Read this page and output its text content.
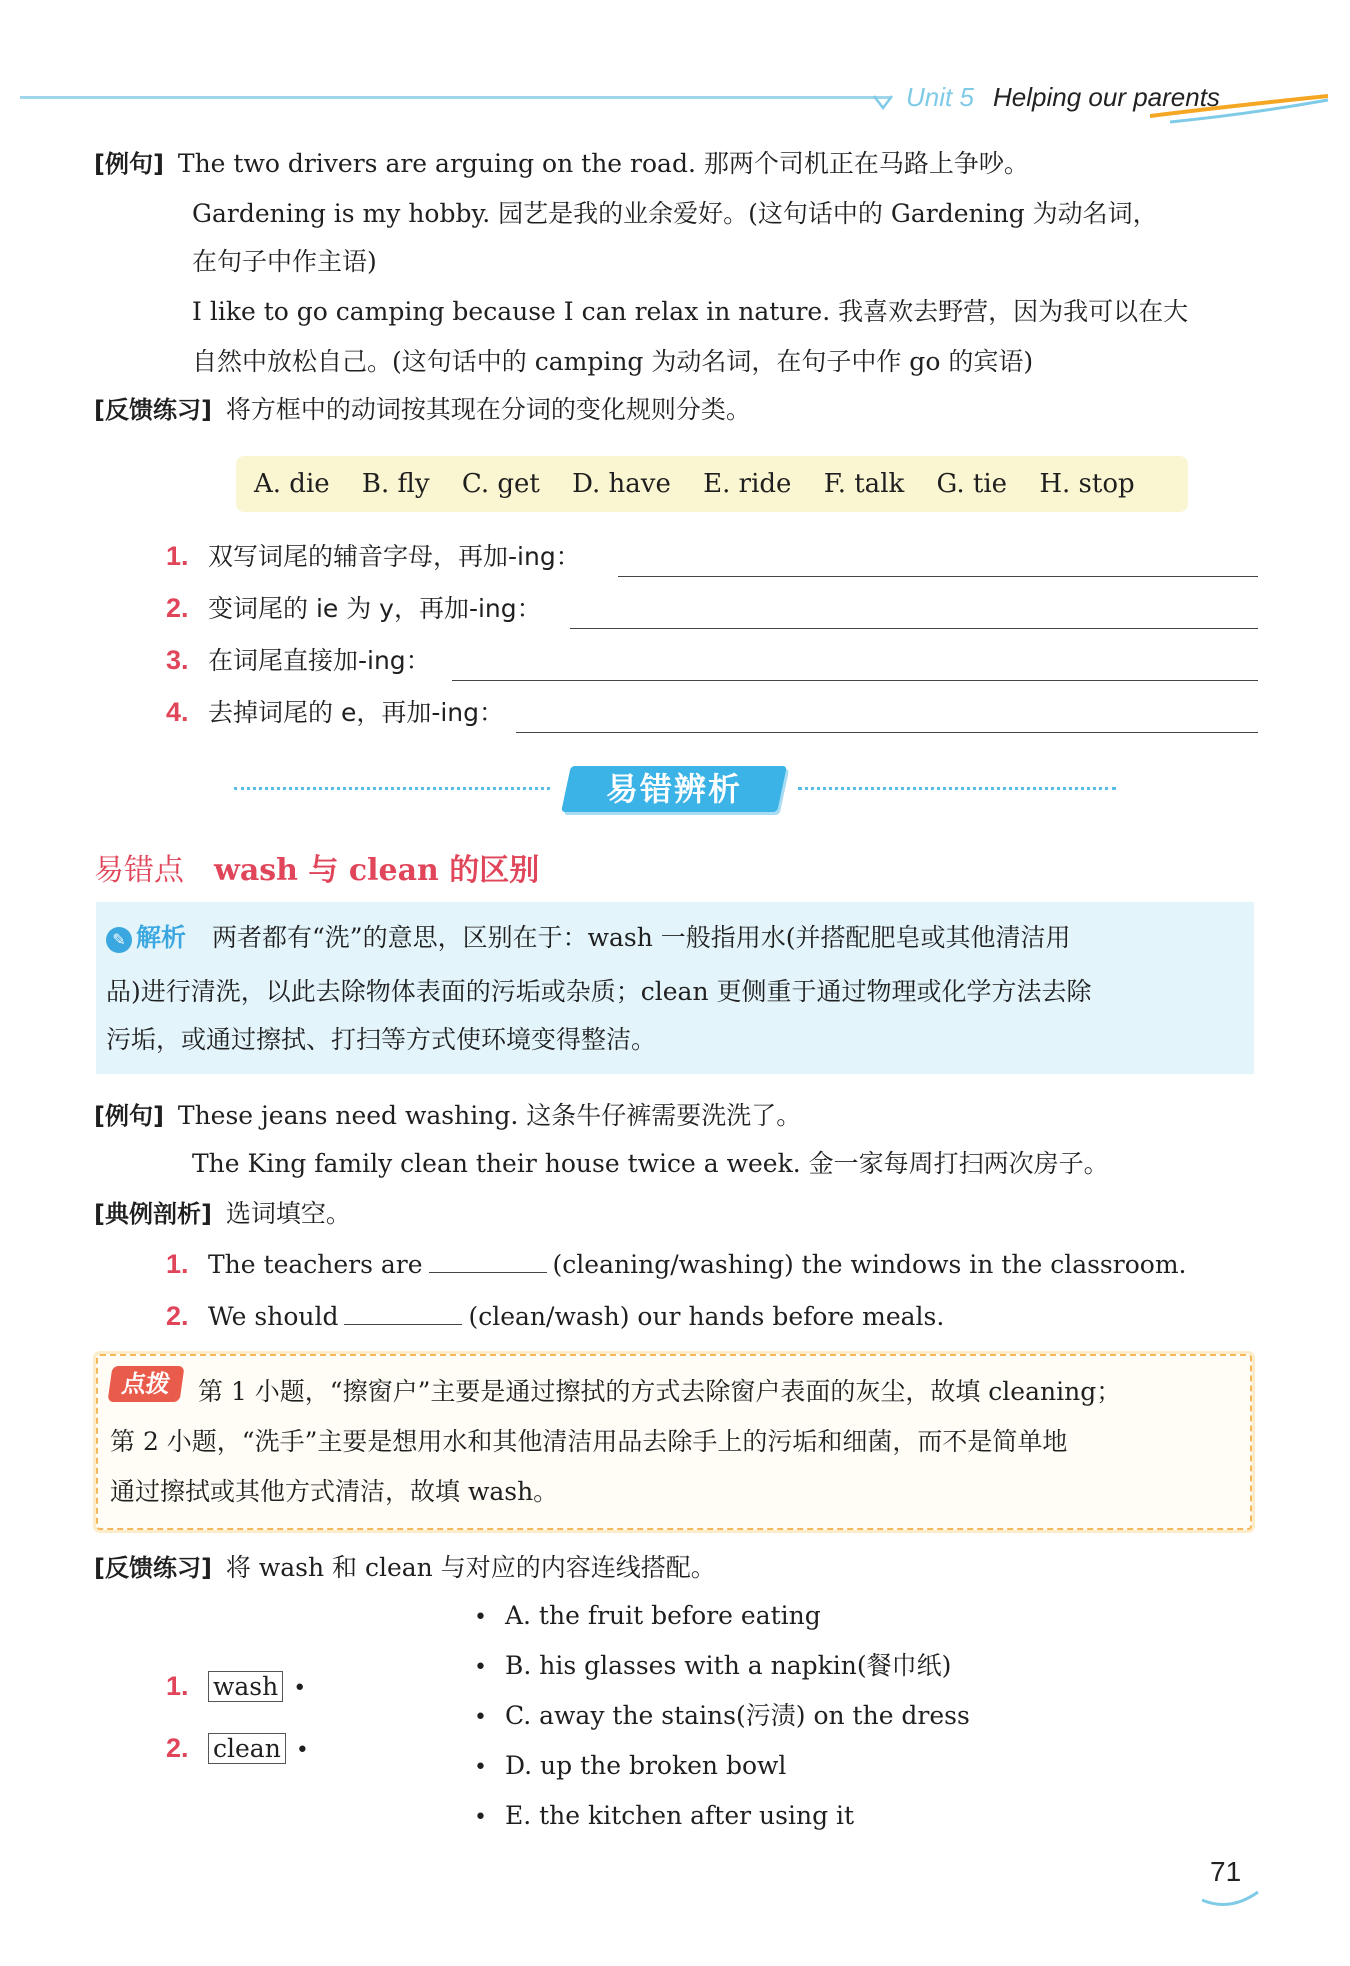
Unit 5 Helping our parents
[例句] The two drivers are arguing on the road. 那两个司机正在马路上争吵。
Gardening is my hobby. 园艺是我的业余爱好。(这句话中的 Gardening 为动名词，
在句子中作主语)
I like to go camping because I can relax in nature. 我喜欢去野营，因为我可以在大
自然中放松自己。(这句话中的 camping 为动名词，在句子中作 go 的宾语)
[反馈练习] 将方框中的动词按其现在分词的变化规则分类。
A. die B. fly C. get D. have E. ride F. talk G. tie H. stop
1. 双写词尾的辅音字母，再加-ing：
2. 变词尾的 ie 为 y，再加-ing：
3. 在词尾直接加-ing：
4. 去掉词尾的 e，再加-ing：
易错辨析
易错点 wash 与 clean 的区别
✎ 解析 两者都有“洗”的意思，区别在于：wash 一般指用水(并搭配肥皂或其他清洁用
品)进行清洗，以此去除物体表面的污垢或杂质；clean 更侧重于通过物理或化学方法去除
污垢，或通过擦拭、打扫等方式使环境变得整洁。
[例句] These jeans need washing. 这条牛仔裤需要洗洗了。
The King family clean their house twice a week. 金一家每周打扫两次房子。
[典例剖析] 选词填空。
1. The teachers are	(cleaning/washing) the windows in the classroom.
2. We should	(clean/wash) our hands before meals.
点拨	第 1 小题，“擦窗户”主要是通过擦拭的方式去除窗户表面的灰尘，故填 cleaning；
第 2 小题，“洗手”主要是想用水和其他清洁用品去除手上的污垢和细菌，而不是简单地
通过擦拭或其他方式清洁，故填 wash。
[反馈练习] 将 wash 和 clean 与对应的内容连线搭配。
1. wash •
2. clean •
• A. the fruit before eating
• B. his glasses with a napkin(餐巾纸)
• C. away the stains(污渍) on the dress
• D. up the broken bowl
• E. the kitchen after using it
71
